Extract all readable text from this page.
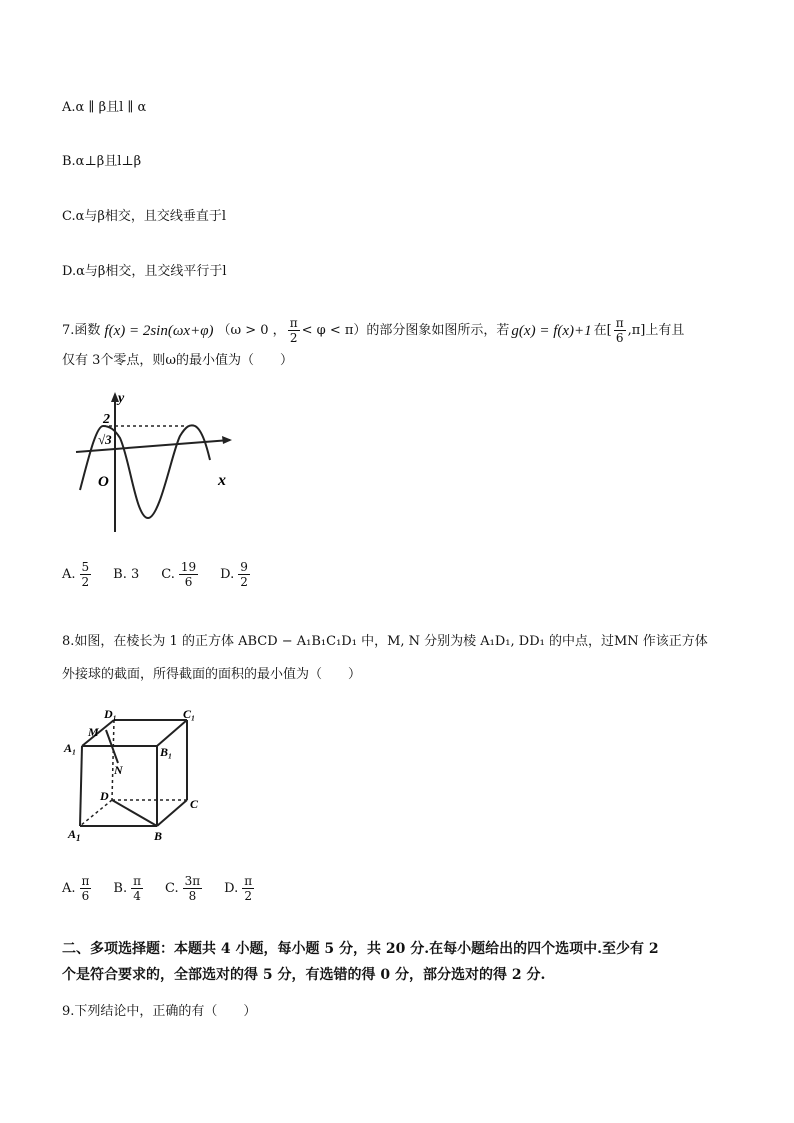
A.α ∥ β且l ∥ α
B.α⊥β且l⊥β
C.α与β相交，且交线垂直于l
D.α与β相交，且交线平行于l
7.函数 f(x) = 2sin(ωx+φ) （ω > 0 ， $\frac{\pi}{2} < \varphi < \pi$）的部分图象如图所示，若 g(x) = f(x)+1 在[ $\frac{\pi}{6} ,\pi$]上有且
仅有 3个零点，则ω的最小值为（　　）
y
x
O
2
√3
A. $\frac{5}{2} B$. 3 C. $\frac{19}{6} D$. $\frac{9}{2}$
8.如图，在棱长为 1 的正方体 ABCD − A₁B₁C₁D₁ 中，M, N 分别为棱 A₁D₁, DD₁ 的中点，过MN 作该正方体
外接球的截面，所得截面的面积的最小值为（　　）
D₁	C₁
M
A₁	B₁
N
D
C
A 1	B
A. $\frac{\pi}{6} B$. $\frac{\pi}{4} C$. $\frac{3\pi}{8} D$. $\frac{\pi}{2}$
二、多项选择题：本题共 4 小题，每小题 5 分，共 20 分.在每小题给出的四个选项中.至少有 2
个是符合要求的，全部选对的得 5 分，有选错的得 0 分，部分选对的得 2 分.
9.下列结论中，正确的有（　　）
